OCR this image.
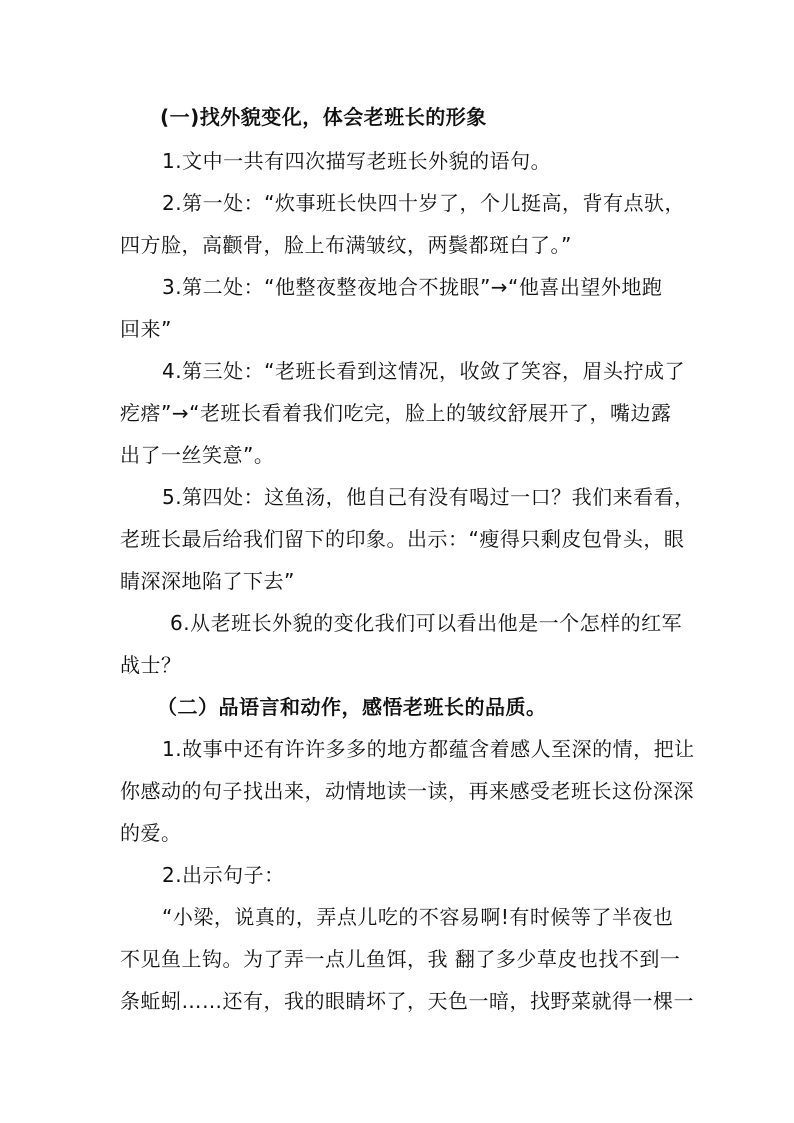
(一)找外貌变化，体会老班长的形象
1.文中一共有四次描写老班长外貌的语句。
2.第一处：“炊事班长快四十岁了，个儿挺高，背有点驮，
四方脸，高颧骨，脸上布满皱纹，两鬓都斑白了。”
3.第二处：“他整夜整夜地合不拢眼”→“他喜出望外地跑
回来”
4.第三处：“老班长看到这情况，收敛了笑容，眉头拧成了
疙瘩”→“老班长看着我们吃完，脸上的皱纹舒展开了，嘴边露
出了一丝笑意”。
5.第四处：这鱼汤，他自己有没有喝过一口？我们来看看，
老班长最后给我们留下的印象。出示：“瘦得只剩皮包骨头，眼
睛深深地陷了下去”
6.从老班长外貌的变化我们可以看出他是一个怎样的红军
战士？
（二）品语言和动作，感悟老班长的品质。
1.故事中还有许许多多的地方都蕴含着感人至深的情，把让
你感动的句子找出来，动情地读一读，再来感受老班长这份深深
的爱。
2.出示句子：
“小梁，说真的，弄点儿吃的不容易啊!有时候等了半夜也
不见鱼上钩。为了弄一点儿鱼饵，我 翻了多少草皮也找不到一
条蚯蚓……还有，我的眼睛坏了，天色一暗，找野菜就得一棵一
